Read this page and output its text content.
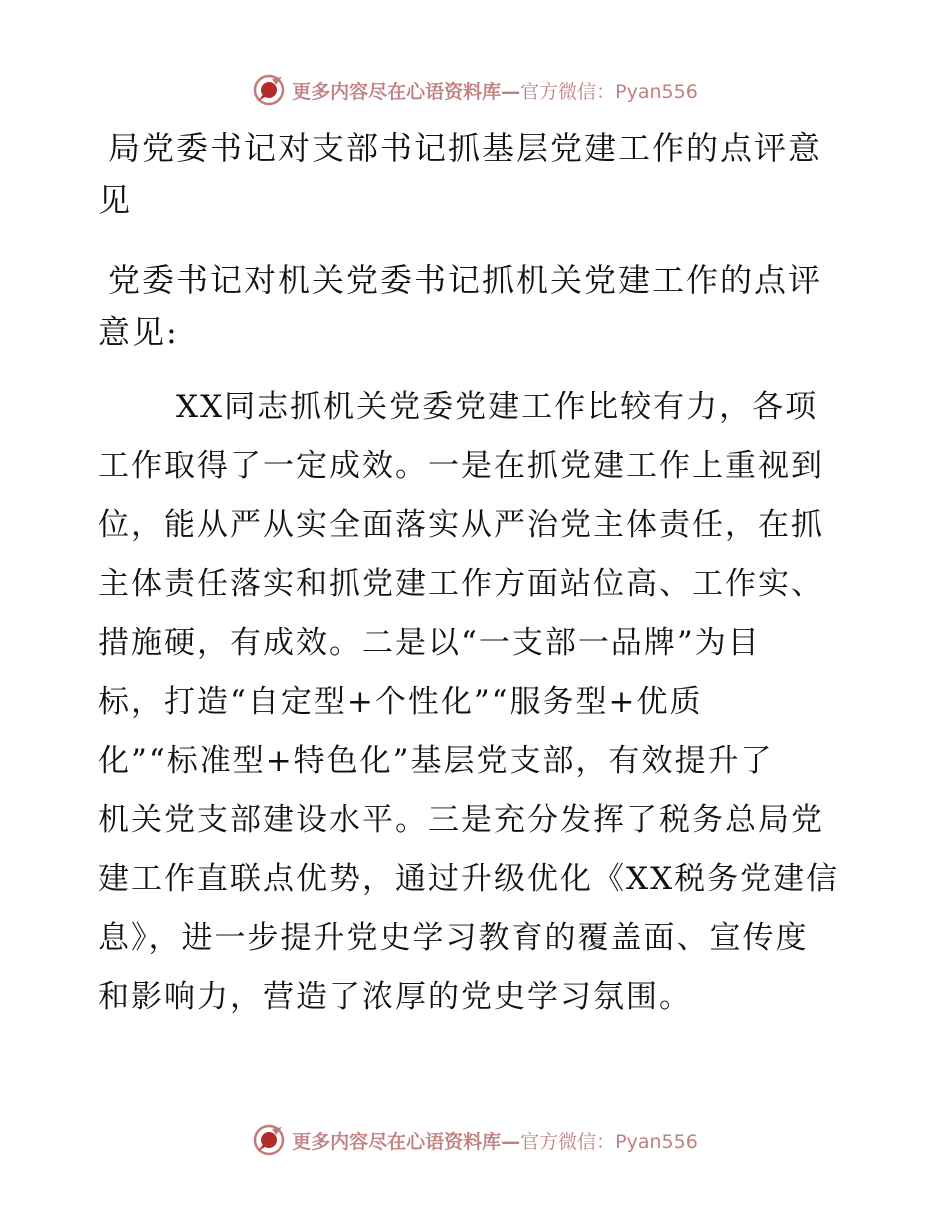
更多内容尽在心语资料库—官方微信：Pyan556

局党委书记对支部书记抓基层党建工作的点评意

见

党委书记对机关党委书记抓机关党建工作的点评

意见:

XX同志抓机关党委党建工作比较有力，各项

工作取得了一定成效。一是在抓党建工作上重视到

位，能从严从实全面落实从严治党主体责任，在抓

主体责任落实和抓党建工作方面站位高、工作实、

措施硬，有成效。二是以“一支部一品牌”为目

标，打造“自定型+个性化”“服务型+优质

化”“标准型+特色化”基层党支部，有效提升了

机关党支部建设水平。三是充分发挥了税务总局党

建工作直联点优势，通过升级优化《XX税务党建信

息》，进一步提升党史学习教育的覆盖面、宣传度

和影响力，营造了浓厚的党史学习氛围。

更多内容尽在心语资料库—官方微信：Pyan556
